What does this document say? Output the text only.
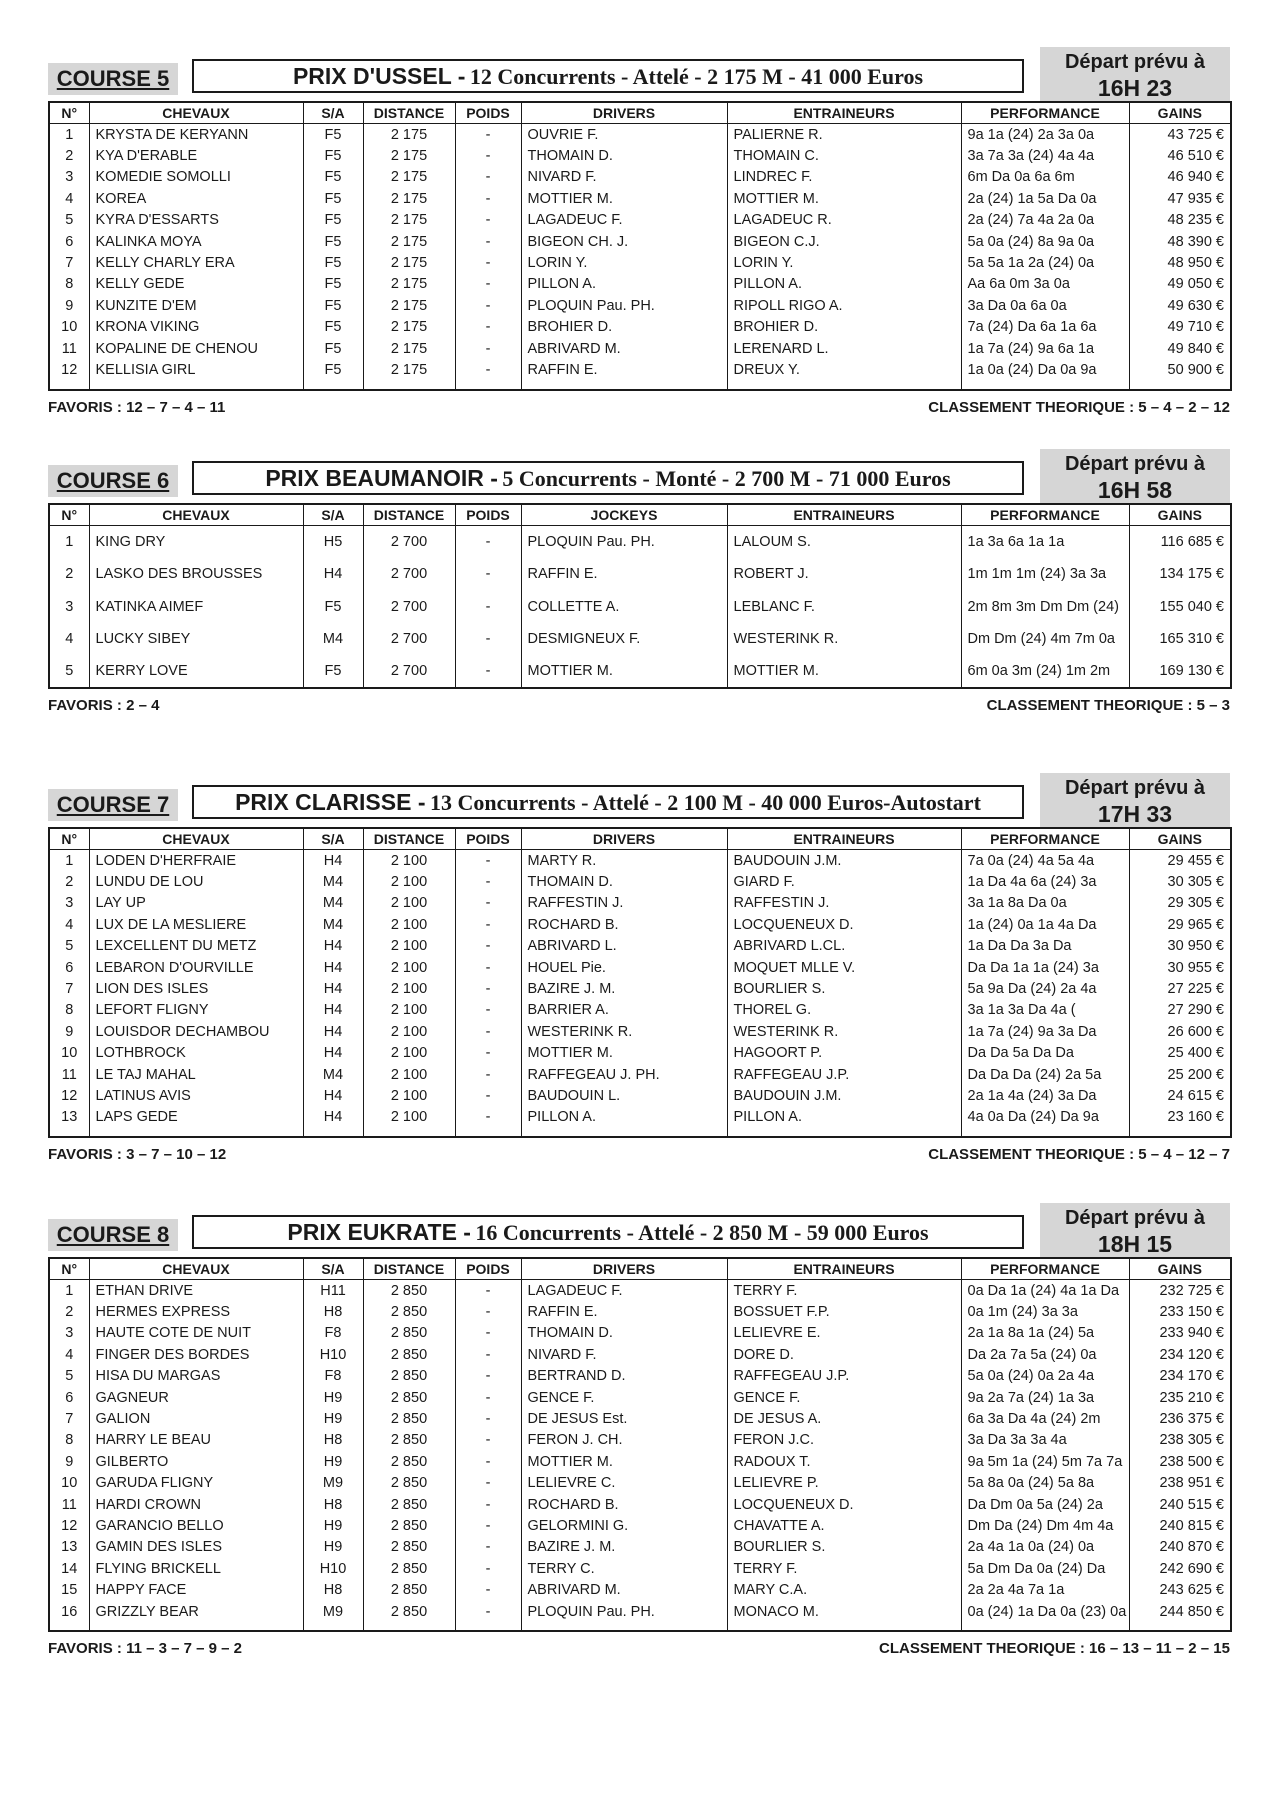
COURSE 5	PRIX D'USSEL - 12 Concurrents - Attelé - 2 175 M - 41 000 Euros
Départ prévu à
16H 23
N°	CHEVAUX	S/A	DISTANCE	POIDS	DRIVERS	ENTRAINEURS	PERFORMANCE	GAINS
1	KRYSTA DE KERYANN	F5	2 175	-	OUVRIE F.	PALIERNE R.	9a 1a (24) 2a 3a 0a	43 725 €
2	KYA D'ERABLE	F5	2 175	-	THOMAIN D.	THOMAIN C.	3a 7a 3a (24) 4a 4a	46 510 €
3	KOMEDIE SOMOLLI	F5	2 175	-	NIVARD F.	LINDREC F.	6m Da 0a 6a 6m	46 940 €
4	KOREA	F5	2 175	-	MOTTIER M.	MOTTIER M.	2a (24) 1a 5a Da 0a	47 935 €
5	KYRA D'ESSARTS	F5	2 175	-	LAGADEUC F.	LAGADEUC R.	2a (24) 7a 4a 2a 0a	48 235 €
6	KALINKA MOYA	F5	2 175	-	BIGEON CH. J.	BIGEON C.J.	5a 0a (24) 8a 9a 0a	48 390 €
7	KELLY CHARLY ERA	F5	2 175	-	LORIN Y.	LORIN Y.	5a 5a 1a 2a (24) 0a	48 950 €
8	KELLY GEDE	F5	2 175	-	PILLON A.	PILLON A.	Aa 6a 0m 3a 0a	49 050 €
9	KUNZITE D'EM	F5	2 175	-	PLOQUIN Pau. PH.	RIPOLL RIGO A.	3a Da 0a 6a 0a	49 630 €
10	KRONA VIKING	F5	2 175	-	BROHIER D.	BROHIER D.	7a (24) Da 6a 1a 6a	49 710 €
11	KOPALINE DE CHENOU	F5	2 175	-	ABRIVARD M.	LERENARD L.	1a 7a (24) 9a 6a 1a	49 840 €
12	KELLISIA GIRL	F5	2 175	-	RAFFIN E.	DREUX Y.	1a 0a (24) Da 0a 9a	50 900 €

FAVORIS : 12 – 7 – 4 – 11	CLASSEMENT THEORIQUE : 5 – 4 – 2 – 12
COURSE 6	PRIX BEAUMANOIR - 5 Concurrents - Monté - 2 700 M - 71 000 Euros
Départ prévu à
16H 58
N°	CHEVAUX	S/A	DISTANCE	POIDS	JOCKEYS	ENTRAINEURS	PERFORMANCE	GAINS
1	KING DRY	H5	2 700	-	PLOQUIN Pau. PH.	LALOUM S.	1a 3a 6a 1a 1a	116 685 €
2	LASKO DES BROUSSES	H4	2 700	-	RAFFIN E.	ROBERT J.	1m 1m 1m (24) 3a 3a	134 175 €
3	KATINKA AIMEF	F5	2 700	-	COLLETTE A.	LEBLANC F.	2m 8m 3m Dm Dm (24)	155 040 €
4	LUCKY SIBEY	M4	2 700	-	DESMIGNEUX F.	WESTERINK R.	Dm Dm (24) 4m 7m 0a	165 310 €
5	KERRY LOVE	F5	2 700	-	MOTTIER M.	MOTTIER M.	6m 0a 3m (24) 1m 2m	169 130 €

FAVORIS : 2 – 4	CLASSEMENT THEORIQUE : 5 – 3
COURSE 7	PRIX CLARISSE - 13 Concurrents - Attelé - 2 100 M - 40 000 Euros-Autostart
Départ prévu à
17H 33
N°	CHEVAUX	S/A	DISTANCE	POIDS	DRIVERS	ENTRAINEURS	PERFORMANCE	GAINS
1	LODEN D'HERFRAIE	H4	2 100	-	MARTY R.	BAUDOUIN J.M.	7a 0a (24) 4a 5a 4a	29 455 €
2	LUNDU DE LOU	M4	2 100	-	THOMAIN D.	GIARD F.	1a Da 4a 6a (24) 3a	30 305 €
3	LAY UP	M4	2 100	-	RAFFESTIN J.	RAFFESTIN J.	3a 1a 8a Da 0a	29 305 €
4	LUX DE LA MESLIERE	M4	2 100	-	ROCHARD B.	LOCQUENEUX D.	1a (24) 0a 1a 4a Da	29 965 €
5	LEXCELLENT DU METZ	H4	2 100	-	ABRIVARD L.	ABRIVARD L.CL.	1a Da Da 3a Da	30 950 €
6	LEBARON D'OURVILLE	H4	2 100	-	HOUEL Pie.	MOQUET MLLE V.	Da Da 1a 1a (24) 3a	30 955 €
7	LION DES ISLES	H4	2 100	-	BAZIRE J. M.	BOURLIER S.	5a 9a Da (24) 2a 4a	27 225 €
8	LEFORT FLIGNY	H4	2 100	-	BARRIER A.	THOREL G.	3a 1a 3a Da 4a (	27 290 €
9	LOUISDOR DECHAMBOU	H4	2 100	-	WESTERINK R.	WESTERINK R.	1a 7a (24) 9a 3a Da	26 600 €
10	LOTHBROCK	H4	2 100	-	MOTTIER M.	HAGOORT P.	Da Da 5a Da Da	25 400 €
11	LE TAJ MAHAL	M4	2 100	-	RAFFEGEAU J. PH.	RAFFEGEAU J.P.	Da Da Da (24) 2a 5a	25 200 €
12	LATINUS AVIS	H4	2 100	-	BAUDOUIN L.	BAUDOUIN J.M.	2a 1a 4a (24) 3a Da	24 615 €
13	LAPS GEDE	H4	2 100	-	PILLON A.	PILLON A.	4a 0a Da (24) Da 9a	23 160 €

FAVORIS : 3 – 7 – 10 – 12	CLASSEMENT THEORIQUE : 5 – 4 – 12 – 7
COURSE 8	PRIX EUKRATE - 16 Concurrents - Attelé - 2 850 M - 59 000 Euros
Départ prévu à
18H 15
N°	CHEVAUX	S/A	DISTANCE	POIDS	DRIVERS	ENTRAINEURS	PERFORMANCE	GAINS
1	ETHAN DRIVE	H11	2 850	-	LAGADEUC F.	TERRY F.	0a Da 1a (24) 4a 1a Da	232 725 €
2	HERMES EXPRESS	H8	2 850	-	RAFFIN E.	BOSSUET F.P.	0a 1m (24) 3a 3a	233 150 €
3	HAUTE COTE DE NUIT	F8	2 850	-	THOMAIN D.	LELIEVRE E.	2a 1a 8a 1a (24) 5a	233 940 €
4	FINGER DES BORDES	H10	2 850	-	NIVARD F.	DORE D.	Da 2a 7a 5a (24) 0a	234 120 €
5	HISA DU MARGAS	F8	2 850	-	BERTRAND D.	RAFFEGEAU J.P.	5a 0a (24) 0a 2a 4a	234 170 €
6	GAGNEUR	H9	2 850	-	GENCE F.	GENCE F.	9a 2a 7a (24) 1a 3a	235 210 €
7	GALION	H9	2 850	-	DE JESUS Est.	DE JESUS A.	6a 3a Da 4a (24) 2m	236 375 €
8	HARRY LE BEAU	H8	2 850	-	FERON J. CH.	FERON J.C.	3a Da 3a 3a 4a	238 305 €
9	GILBERTO	H9	2 850	-	MOTTIER M.	RADOUX T.	9a 5m 1a (24) 5m 7a 7a	238 500 €
10	GARUDA FLIGNY	M9	2 850	-	LELIEVRE C.	LELIEVRE P.	5a 8a 0a (24) 5a 8a	238 951 €
11	HARDI CROWN	H8	2 850	-	ROCHARD B.	LOCQUENEUX D.	Da Dm 0a 5a (24) 2a	240 515 €
12	GARANCIO BELLO	H9	2 850	-	GELORMINI G.	CHAVATTE A.	Dm Da (24) Dm 4m 4a	240 815 €
13	GAMIN DES ISLES	H9	2 850	-	BAZIRE J. M.	BOURLIER S.	2a 4a 1a 0a (24) 0a	240 870 €
14	FLYING BRICKELL	H10	2 850	-	TERRY C.	TERRY F.	5a Dm Da 0a (24) Da	242 690 €
15	HAPPY FACE	H8	2 850	-	ABRIVARD M.	MARY C.A.	2a 2a 4a 7a 1a	243 625 €
16	GRIZZLY BEAR	M9	2 850	-	PLOQUIN Pau. PH.	MONACO M.	0a (24) 1a Da 0a (23) 0a	244 850 €

FAVORIS : 11 – 3 – 7 – 9 – 2	CLASSEMENT THEORIQUE : 16 – 13 – 11 – 2 – 15
